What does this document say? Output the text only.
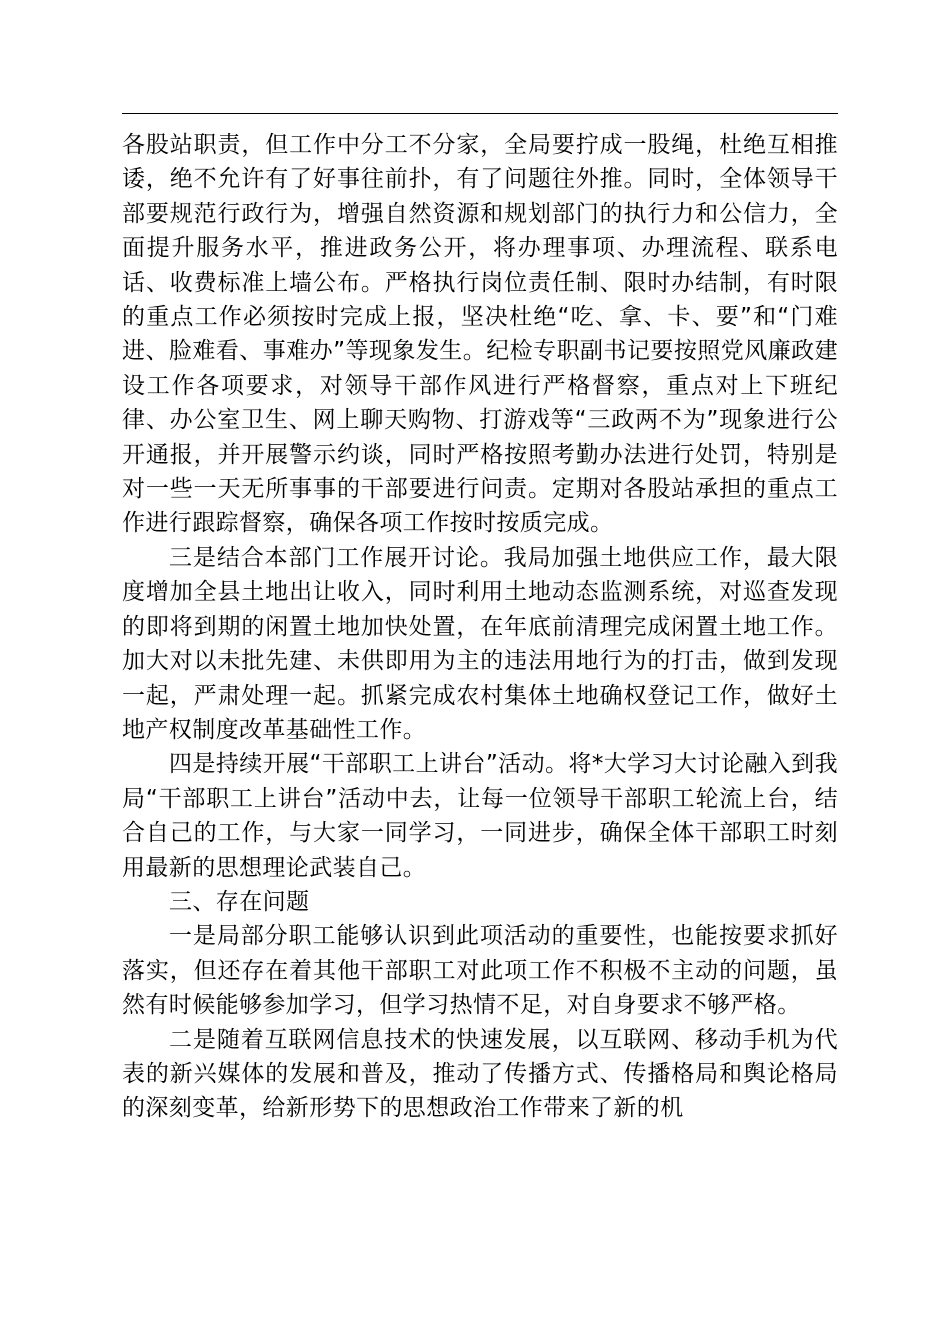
各股站职责，但工作中分工不分家，全局要拧成一股绳，杜绝互相推诿，绝不允许有了好事往前扑，有了问题往外推。同时，全体领导干部要规范行政行为，增强自然资源和规划部门的执行力和公信力，全面提升服务水平，推进政务公开，将办理事项、办理流程、联系电话、收费标准上墙公布。严格执行岗位责任制、限时办结制，有时限的重点工作必须按时完成上报，坚决杜绝“吃、拿、卡、要”和“门难进、脸难看、事难办”等现象发生。纪检专职副书记要按照党风廉政建设工作各项要求，对领导干部作风进行严格督察，重点对上下班纪律、办公室卫生、网上聊天购物、打游戏等“三政两不为”现象进行公开通报，并开展警示约谈，同时严格按照考勤办法进行处罚，特别是对一些一天无所事事的干部要进行问责。定期对各股站承担的重点工作进行跟踪督察，确保各项工作按时按质完成。

三是结合本部门工作展开讨论。我局加强土地供应工作，最大限度增加全县土地出让收入，同时利用土地动态监测系统，对巡查发现的即将到期的闲置土地加快处置，在年底前清理完成闲置土地工作。加大对以未批先建、未供即用为主的违法用地行为的打击，做到发现一起，严肃处理一起。抓紧完成农村集体土地确权登记工作，做好土地产权制度改革基础性工作。

四是持续开展“干部职工上讲台”活动。将*大学习大讨论融入到我局“干部职工上讲台”活动中去，让每一位领导干部职工轮流上台，结合自己的工作，与大家一同学习，一同进步，确保全体干部职工时刻用最新的思想理论武装自己。

三、存在问题

一是局部分职工能够认识到此项活动的重要性，也能按要求抓好落实，但还存在着其他干部职工对此项工作不积极不主动的问题，虽然有时候能够参加学习，但学习热情不足，对自身要求不够严格。

二是随着互联网信息技术的快速发展，以互联网、移动手机为代表的新兴媒体的发展和普及，推动了传播方式、传播格局和舆论格局的深刻变革，给新形势下的思想政治工作带来了新的机
